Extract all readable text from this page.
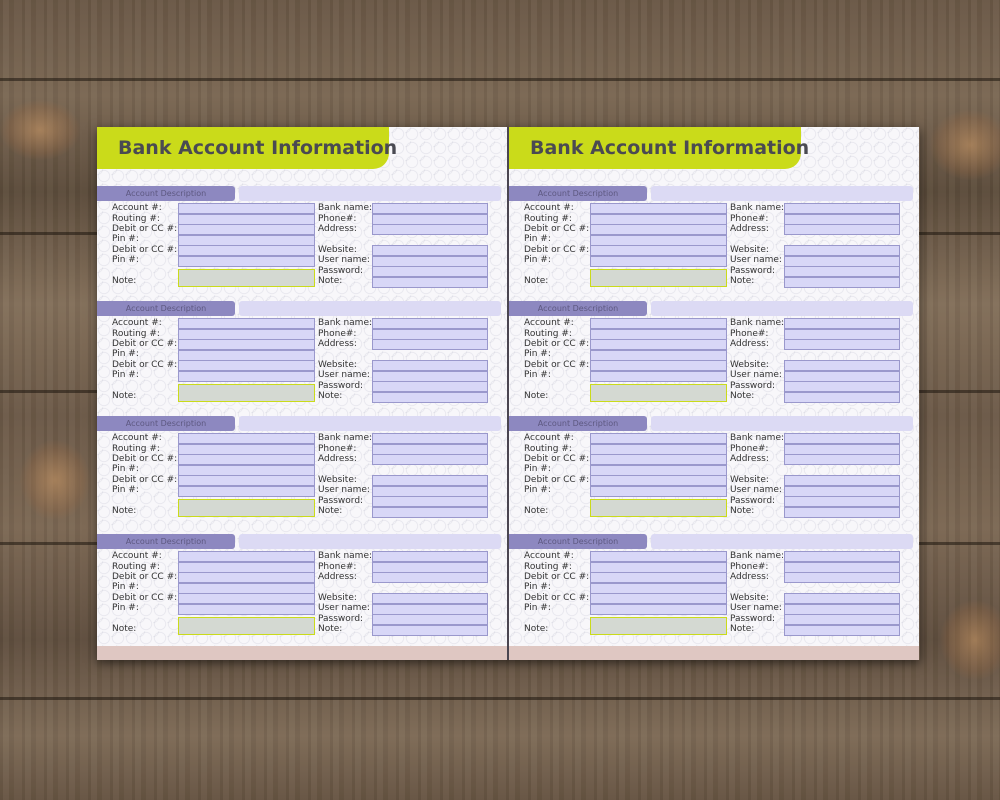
Bank Account Information
Account Description
Account #:
Routing #:
Debit or CC #:
Pin #:
Debit or CC #:
Pin #:
Note:
Bank name:
Phone#:
Address:
Website:
User name:
Password:
Note:
Account Description
Account #:
Routing #:
Debit or CC #:
Pin #:
Debit or CC #:
Pin #:
Note:
Bank name:
Phone#:
Address:
Website:
User name:
Password:
Note:
Account Description
Account #:
Routing #:
Debit or CC #:
Pin #:
Debit or CC #:
Pin #:
Note:
Bank name:
Phone#:
Address:
Website:
User name:
Password:
Note:
Account Description
Account #:
Routing #:
Debit or CC #:
Pin #:
Debit or CC #:
Pin #:
Note:
Bank name:
Phone#:
Address:
Website:
User name:
Password:
Note:
Bank Account Information
Account Description
Account #:
Routing #:
Debit or CC #:
Pin #:
Debit or CC #:
Pin #:
Note:
Bank name:
Phone#:
Address:
Website:
User name:
Password:
Note:
Account Description
Account #:
Routing #:
Debit or CC #:
Pin #:
Debit or CC #:
Pin #:
Note:
Bank name:
Phone#:
Address:
Website:
User name:
Password:
Note:
Account Description
Account #:
Routing #:
Debit or CC #:
Pin #:
Debit or CC #:
Pin #:
Note:
Bank name:
Phone#:
Address:
Website:
User name:
Password:
Note:
Account Description
Account #:
Routing #:
Debit or CC #:
Pin #:
Debit or CC #:
Pin #:
Note:
Bank name:
Phone#:
Address:
Website:
User name:
Password:
Note:
